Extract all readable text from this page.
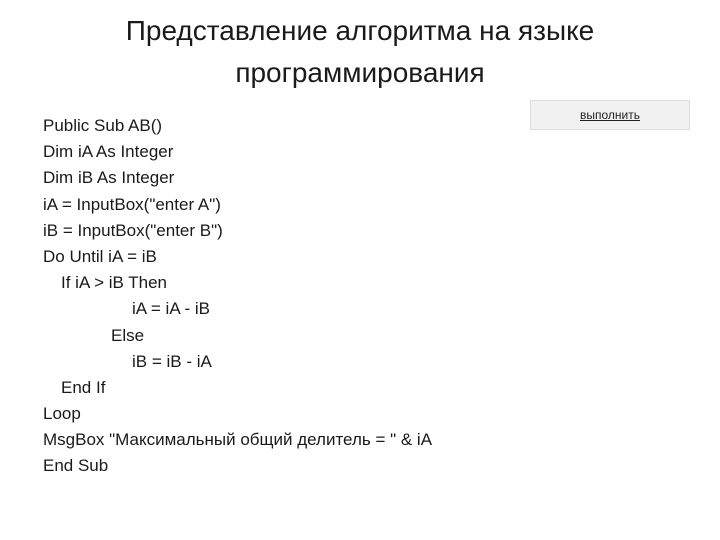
Представление алгоритма на языке
программирования
выполнить
Public Sub AB()
Dim iA As Integer
Dim iB As Integer
iA = InputBox("enter A")
iB = InputBox("enter B")
Do Until iA = iB
If iA > iB Then
iA = iA - iB
Else
iB = iB - iA
End If
Loop
MsgBox "Максимальный общий делитель = " & iA
End Sub
